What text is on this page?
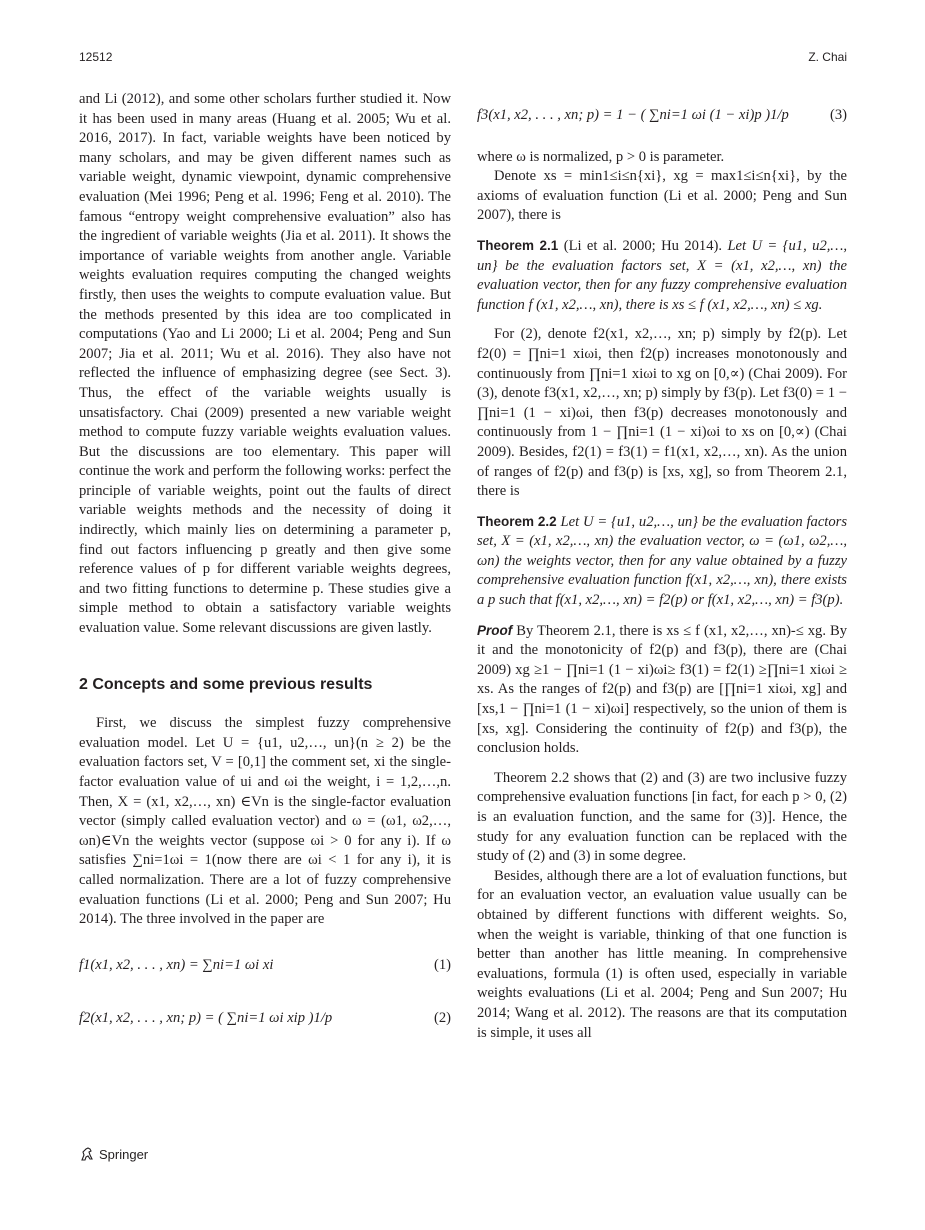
12512	Z. Chai

and Li (2012), and some other scholars further studied it. Now it has been used in many areas (Huang et al. 2005; Wu et al. 2016, 2017). In fact, variable weights have been noticed by many scholars, and may be given different names such as variable weight, dynamic viewpoint, dynamic comprehensive evaluation (Mei 1996; Peng et al. 1996; Feng et al. 2010). The famous “entropy weight comprehensive evaluation” also has the ingredient of variable weights (Jia et al. 2011). It shows the importance of variable weights from another angle. Variable weights evaluation requires computing the changed weights firstly, then uses the weights to compute evaluation value. But the methods presented by this idea are too complicated in computations (Yao and Li 2000; Li et al. 2004; Peng and Sun 2007; Jia et al. 2011; Wu et al. 2016). They also have not reflected the influence of emphasizing degree (see Sect. 3). Thus, the effect of the variable weights usually is unsatisfactory. Chai (2009) presented a new variable weight method to compute fuzzy variable weights evaluation values. But the discussions are too elementary. This paper will continue the work and perform the following works: perfect the principle of variable weights, point out the faults of direct variable weights methods and the necessity of doing it indirectly, which mainly lies on determining a parameter p, find out factors influencing p greatly and then give some reference values of p for different variable weights degrees, and two fitting functions to determine p. These studies give a simple method to obtain a satisfactory variable weights evaluation value. Some relevant discussions are given lastly.

2 Concepts and some previous results

First, we discuss the simplest fuzzy comprehensive evaluation model. Let U = {u1, u2,…, un}(n ≥ 2) be the evaluation factors set, V = [0,1] the comment set, xi the single-factor evaluation value of ui and ωi the weight, i = 1,2,…,n. Then, X = (x1, x2,…, xn) ∈Vn is the single-factor evaluation vector (simply called evaluation vector) and ω = (ω1, ω2,…, ωn)∈Vn the weights vector (suppose ωi > 0 for any i). If ω satisfies ∑ni=1ωi = 1(now there are ωi < 1 for any i), it is called normalization. There are a lot of fuzzy comprehensive evaluation functions (Li et al. 2000; Peng and Sun 2007; Hu 2014). The three involved in the paper are

f1(x1, x2, . . . , xn) = ∑ni=1 ωi xi	(1)
f2(x1, x2, . . . , xn; p) = ( ∑ni=1 ωi xip )1/p	(2)
f3(x1, x2, . . . , xn; p) = 1 − ( ∑ni=1 ωi (1 − xi)p )1/p	(3)

where ω is normalized, p > 0 is parameter.

Denote xs = min1≤i≤n{xi}, xg = max1≤i≤n{xi}, by the axioms of evaluation function (Li et al. 2000; Peng and Sun 2007), there is

Theorem 2.1 (Li et al. 2000; Hu 2014). Let U = {u1, u2,…, un} be the evaluation factors set, X = (x1, x2,…, xn) the evaluation vector, then for any fuzzy comprehensive evaluation function f (x1, x2,…, xn), there is xs ≤ f (x1, x2,…, xn) ≤ xg.

For (2), denote f2(x1, x2,…, xn; p) simply by f2(p). Let f2(0) = ∏ni=1 xiωi, then f2(p) increases monotonously and continuously from ∏ni=1 xiωi to xg on [0,∝) (Chai 2009). For (3), denote f3(x1, x2,…, xn; p) simply by f3(p). Let f3(0) = 1 − ∏ni=1 (1 − xi)ωi, then f3(p) decreases monotonously and continuously from 1 − ∏ni=1 (1 − xi)ωi to xs on [0,∝) (Chai 2009). Besides, f2(1) = f3(1) = f1(x1, x2,…, xn). As the union of ranges of f2(p) and f3(p) is [xs, xg], so from Theorem 2.1, there is

Theorem 2.2 Let U = {u1, u2,…, un} be the evaluation factors set, X = (x1, x2,…, xn) the evaluation vector, ω = (ω1, ω2,…, ωn) the weights vector, then for any value obtained by a fuzzy comprehensive evaluation function f(x1, x2,…, xn), there exists a p such that f(x1, x2,…, xn) = f2(p) or f(x1, x2,…, xn) = f3(p).
Proof By Theorem 2.1, there is xs ≤ f (x1, x2,…, xn)-≤ xg. By it and the monotonicity of f2(p) and f3(p), there are (Chai 2009) xg ≥1 − ∏ni=1 (1 − xi)ωi≥ f3(1) = f2(1) ≥∏ni=1 xiωi ≥ xs. As the ranges of f2(p) and f3(p) are [∏ni=1 xiωi, xg] and [xs,1 − ∏ni=1 (1 − xi)ωi] respectively, so the union of them is [xs, xg]. Considering the continuity of f2(p) and f3(p), the conclusion holds.

Theorem 2.2 shows that (2) and (3) are two inclusive fuzzy comprehensive evaluation functions [in fact, for each p > 0, (2) is an evaluation function, and the same for (3)]. Hence, the study for any evaluation function can be replaced with the study of (2) and (3) in some degree.

Besides, although there are a lot of evaluation functions, but for an evaluation vector, an evaluation value usually can be obtained by different functions with different weights. So, when the weight is variable, thinking of that one function is better than another has little meaning. In comprehensive evaluations, formula (1) is often used, especially in variable weights evaluations (Li et al. 2004; Peng and Sun 2007; Hu 2014; Wang et al. 2012). The reasons are that its computation is simple, it uses all

Springer
